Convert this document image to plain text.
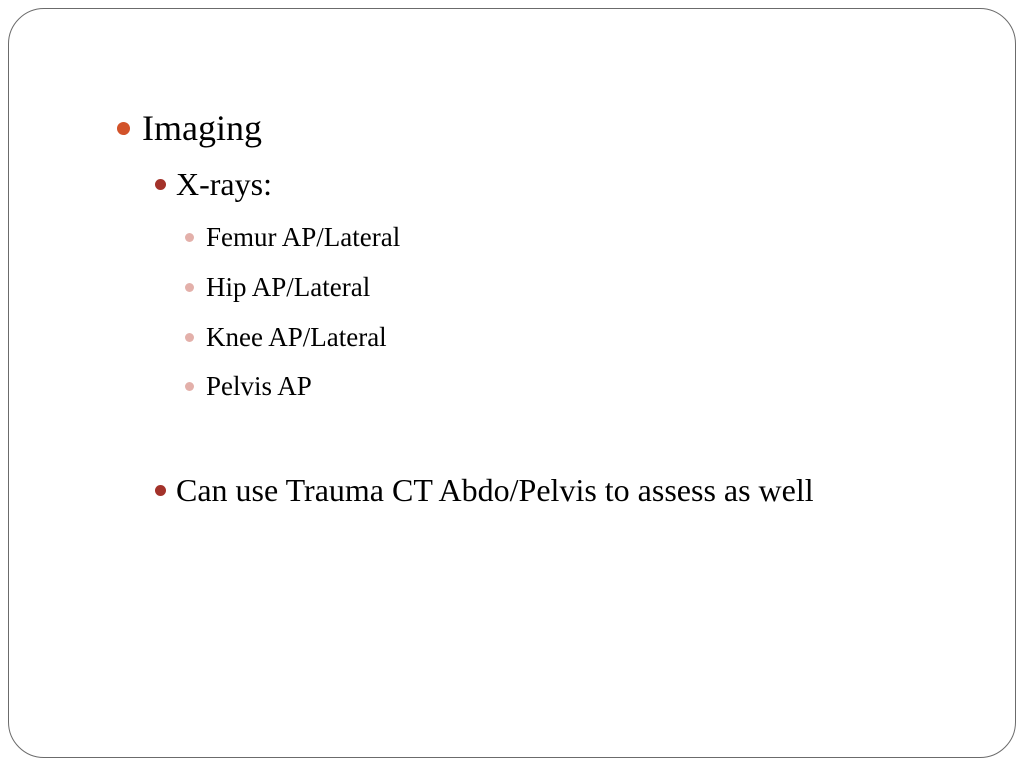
Imaging
X-rays:
Femur AP/Lateral
Hip AP/Lateral
Knee AP/Lateral
Pelvis AP
Can use Trauma CT Abdo/Pelvis to assess as well
